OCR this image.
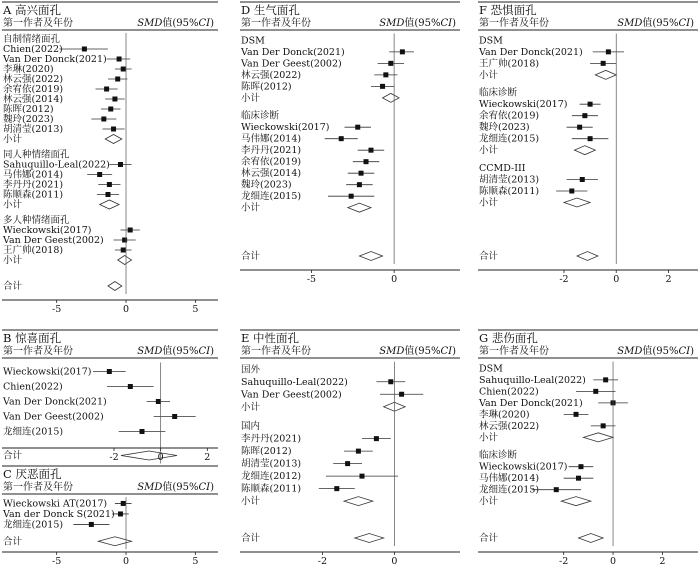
A 高兴面孔
第一作者及年份	SMD值(95%CI)
自制情绪面孔
Chien(2022)
Van Der Donck(2021)
李琳(2020)
林云强(2022)
余宥依(2019)
林云强(2014)
陈晖(2012)
魏玲(2023)
胡清莹(2013)
小计
同人种情绪面孔
Sahuquillo-Leal(2022)
马伟娜(2014)
李丹丹(2021)
陈顺森(2011)
小计
多人种情绪面孔
Wieckowski(2017)
Van Der Geest(2002)
王广帅(2018)
小计
合计
-5	0	5
B 惊喜面孔
第一作者及年份	SMD值(95%CI)
Wieckowski(2017)
Chien(2022)
Van Der Donck(2021)
Van Der Geest(2002)
龙细连(2015)
合计	-2	0	2
C 厌恶面孔
第一作者及年份	SMD值(95%CI)
Wieckowski AT(2017)
Van der Donck S(2021)
龙细连(2015)
合计
-5	0	5
D 生气面孔
第一作者及年份	SMD值(95%CI)
DSM
Van Der Donck(2021)
Van Der Geest(2002)
林云强(2022)
陈晖(2012)
小计
临床诊断
Wieckowski(2017)
马伟娜(2014)
李丹丹(2021)
余宥依(2019)
林云强(2014)
魏玲(2023)
龙细连(2015)
小计
合计
-5	0
E 中性面孔
第一作者及年份	SMD值(95%CI)
国外
Sahuquillo-Leal(2022)
Van Der Geest(2002)
小计
国内
李丹丹(2021)
陈晖(2012)
胡清莹(2013)
龙细连(2012)
陈顺森(2011)
小计
合计
-2	0
F 恐惧面孔
第一作者及年份	SMD值(95%CI)
DSM
Van Der Donck(2021)
王广帅(2018)
小计
临床诊断
Wieckowski(2017)
余宥依(2019)
魏玲(2023)
龙细连(2015)
小计
CCMD-III
胡清莹(2013)
陈顺森(2011)
小计
合计
-2	0	2
G 悲伤面孔
第一作者及年份	SMD值(95%CI)
DSM
Sahuquillo-Leal(2022)
Chien(2022)
Van Der Donck(2021)
李琳(2020)
林云强(2022)
小计
临床诊断
Wieckowski(2017)
马伟娜(2014)
龙细连(2015)
小计
合计
-2	0	2
